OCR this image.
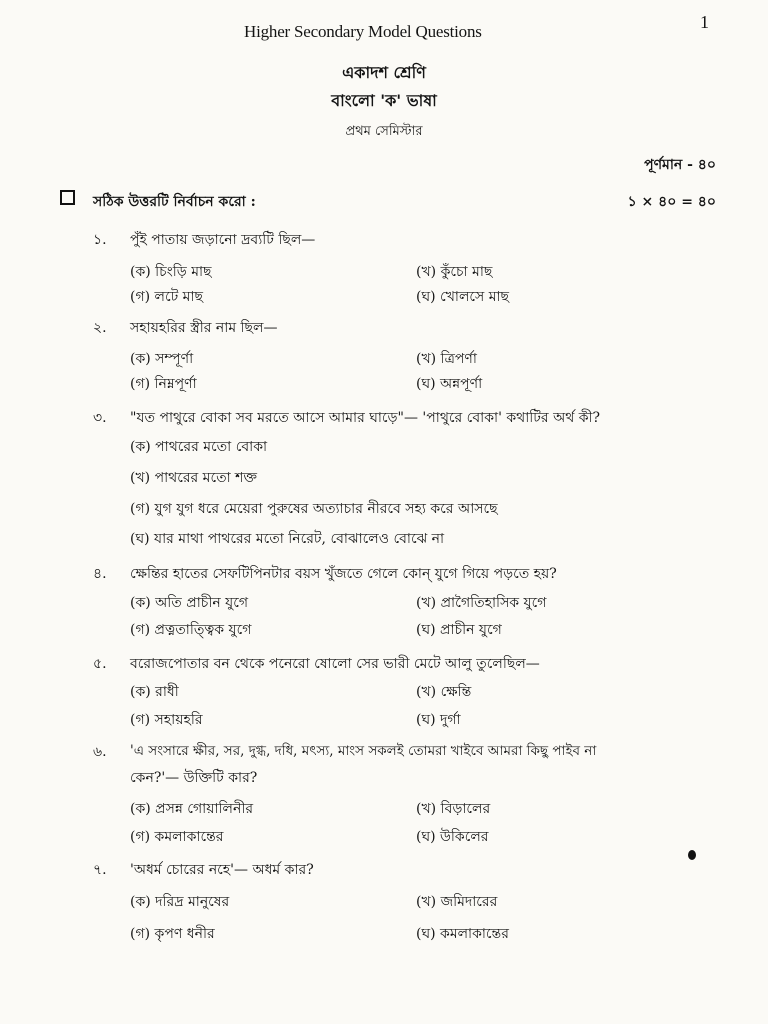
Higher Secondary Model Questions	1
একাদশ শ্রেণি
বাংলো 'ক' ভাষা
প্রথম সেমিস্টার
পূর্ণমান - ৪০
সঠিক উত্তরটি নির্বাচন করো :	১ × ৪০ = ৪০
১. পুঁই পাতায় জড়ানো দ্রব্যটি ছিল—
(ক) চিংড়ি মাছ	(খ) কুঁচো মাছ
(গ) লটে মাছ	(ঘ) খোলসে মাছ
২. সহায়হরির স্ত্রীর নাম ছিল—
(ক) সম্পূর্ণা	(খ) ত্রিপর্ণা
(গ) নিম্নপূর্ণা	(ঘ) অন্নপূর্ণা
৩. "যত পাথুরে বোকা সব মরতে আসে আমার ঘাড়ে"— 'পাথুরে বোকা' কথাটির অর্থ কী?
(ক) পাথরের মতো বোকা
(খ) পাথরের মতো শক্ত
(গ) যুগ যুগ ধরে মেয়েরা পুরুষের অত্যাচার নীরবে সহ্য করে আসছে
(ঘ) যার মাথা পাথরের মতো নিরেট, বোঝালেও বোঝে না
৪. ক্ষেন্তির হাতের সেফটিপিনটার বয়স খুঁজতে গেলে কোন্ যুগে গিয়ে পড়তে হয়?
(ক) অতি প্রাচীন যুগে	(খ) প্রাগৈতিহাসিক যুগে
(গ) প্রত্নতাত্ত্বিক যুগে	(ঘ) প্রাচীন যুগে
৫. বরোজপোতার বন থেকে পনেরো ষোলো সের ভারী মেটে আলু তুলেছিল—
(ক) রাধী	(খ) ক্ষেন্তি
(গ) সহায়হরি	(ঘ) দুর্গা
৬. 'এ সংসারে ক্ষীর, সর, দুগ্ধ, দধি, মৎস্য, মাংস সকলই তোমরা খাইবে আমরা কিছু পাইব না
কেন?'— উক্তিটি কার?
(ক) প্রসন্ন গোয়ালিনীর	(খ) বিড়ালের
(গ) কমলাকান্তের	(ঘ) উকিলের
৭. 'অধর্ম চোরের নহে'— অধর্ম কার?
(ক) দরিদ্র মানুষের	(খ) জমিদারের
(গ) কৃপণ ধনীর	(ঘ) কমলাকান্তের
